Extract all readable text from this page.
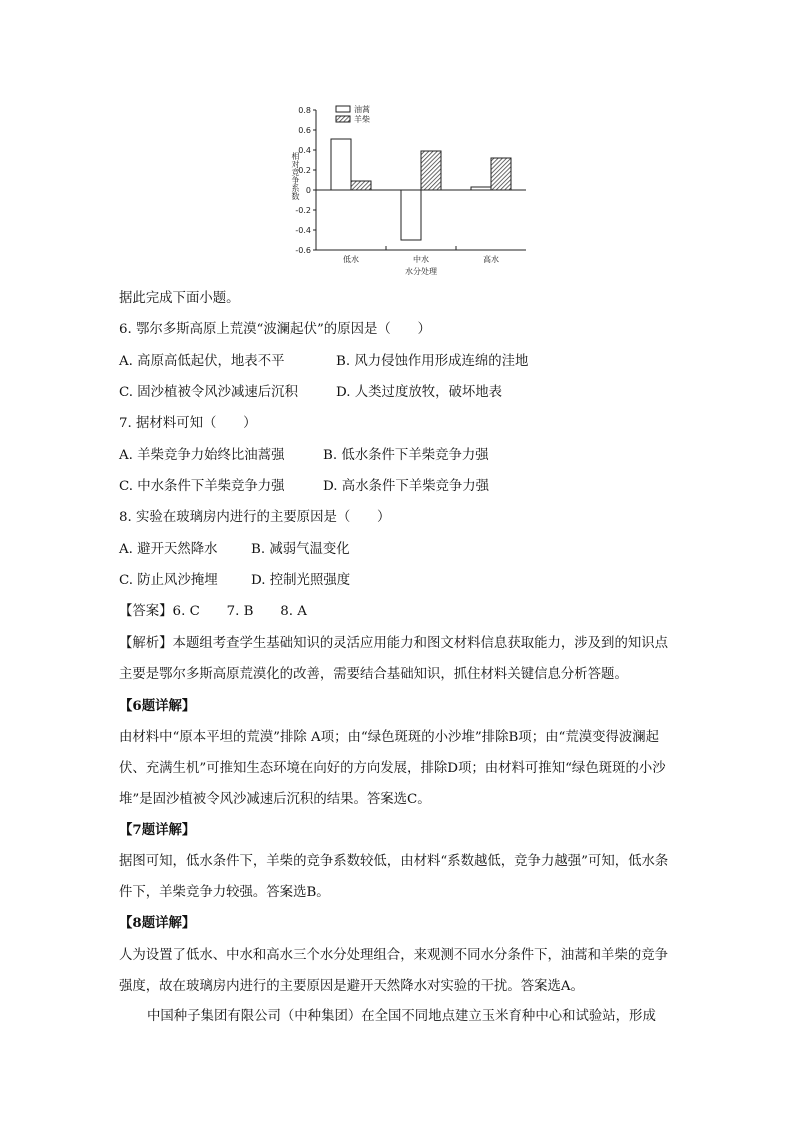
相对竞争系数
0.8
0.6
0.4
0.2
0
-0.2
-0.4
-0.6
低水	中水	高水
水分处理
油蒿
羊柴
据此完成下面小题。
6. 鄂尔多斯高原上荒漠“波澜起伏”的原因是（　　）
A. 高原高低起伏，地表不平	B. 风力侵蚀作用形成连绵的洼地
C. 固沙植被令风沙减速后沉积	D. 人类过度放牧，破坏地表
7. 据材料可知（　　）
A. 羊柴竞争力始终比油蒿强	B. 低水条件下羊柴竞争力强
C. 中水条件下羊柴竞争力强	D. 高水条件下羊柴竞争力强
8. 实验在玻璃房内进行的主要原因是（　　）
A. 避开天然降水 B. 减弱气温变化
C. 防止风沙掩埋 D. 控制光照强度
【答案】6. C　　7. B　　8. A
【解析】本题组考查学生基础知识的灵活应用能力和图文材料信息获取能力，涉及到的知识点主要是鄂尔多斯高原荒漠化的改善，需要结合基础知识，抓住材料关键信息分析答题。
【6题详解】
由材料中“原本平坦的荒漠”排除 A项；由“绿色斑斑的小沙堆”排除B项；由“荒漠变得波澜起伏、充满生机”可推知生态环境在向好的方向发展，排除D项；由材料可推知“绿色斑斑的小沙堆”是固沙植被令风沙减速后沉积的结果。答案选C。
【7题详解】
据图可知，低水条件下，羊柴的竞争系数较低，由材料“系数越低，竞争力越强”可知，低水条件下，羊柴竞争力较强。答案选B。
【8题详解】
人为设置了低水、中水和高水三个水分处理组合，来观测不同水分条件下，油蒿和羊柴的竞争强度，故在玻璃房内进行的主要原因是避开天然降水对实验的干扰。答案选A。
中国种子集团有限公司（中种集团）在全国不同地点建立玉米育种中心和试验站，形成
